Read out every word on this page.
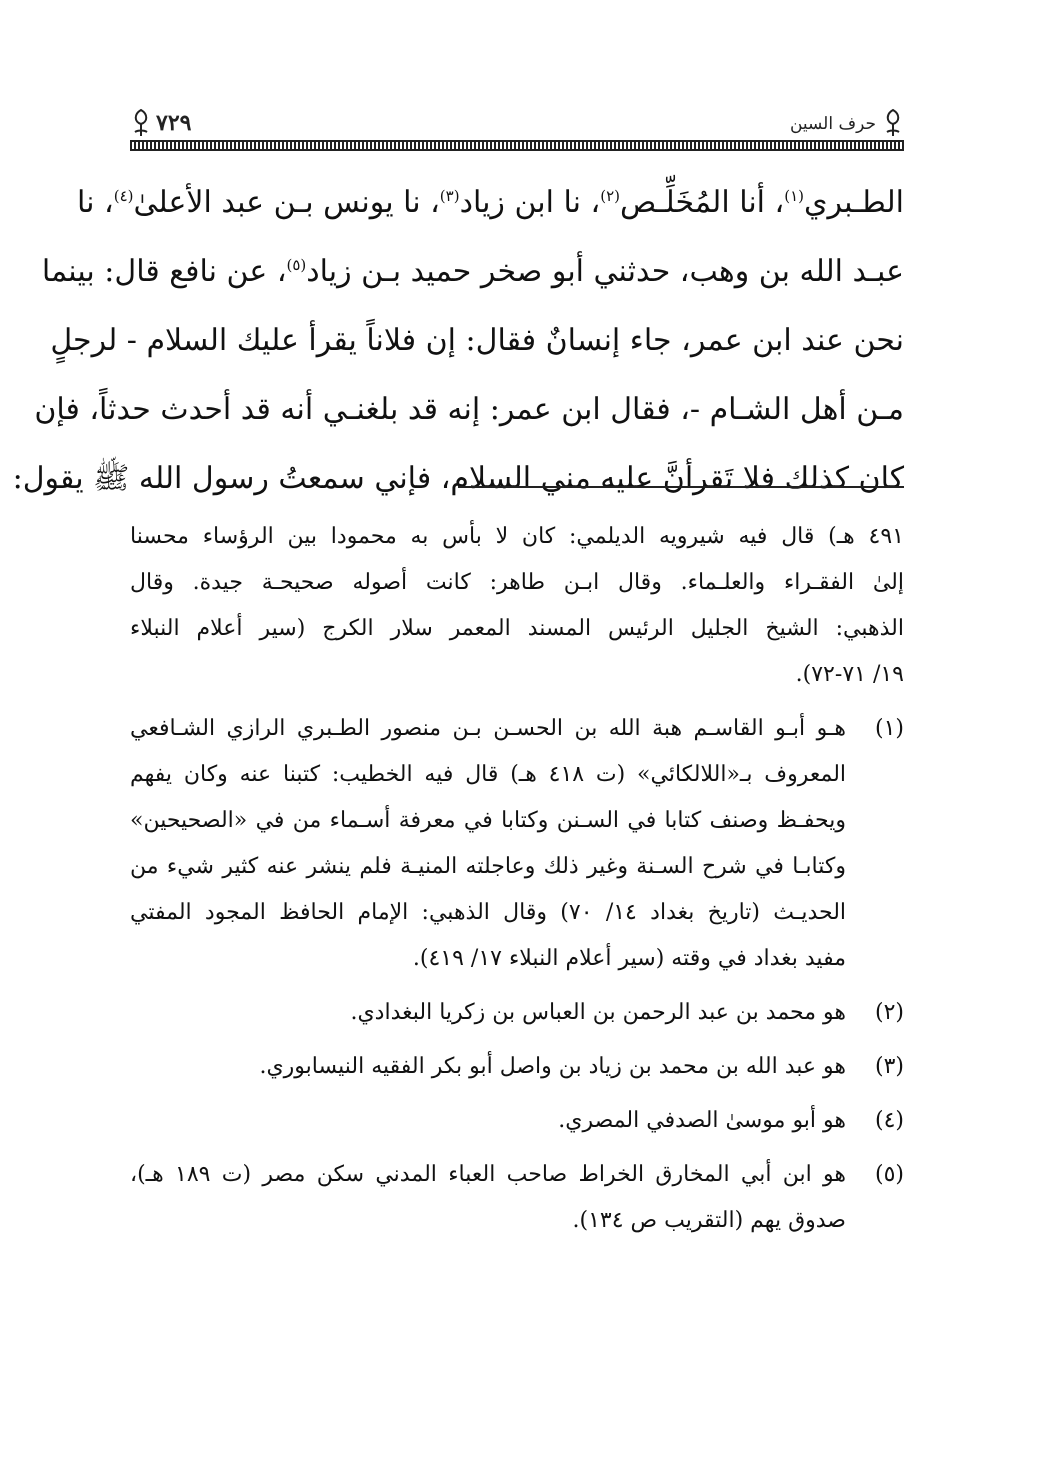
حرف السين
٧٢٩

الطـبري$^{(١)}$، أنا المُخَلِّـص$^{(٢)}$، نا ابن زياد$^{(٣)}$، نا يونس بـن عبد الأعلىٰ$^{(٤)}$، نا

عبـد الله بن وهب، حدثني أبو صخر حميد بـن زياد$^{(٥)}$، عن نافع قال: بينما

نحن عند ابن عمر، جاء إنسانٌ فقال: إن فلاناً يقرأ عليك السلام - لرجلٍ

مـن أهل الشـام -، فقال ابن عمر: إنه قد بلغنـي أنه قد أحدث حدثاً، فإن

كان كذلك فلا تَقرأنَّ عليه مني السلام، فإني سمعتُ رسول الله ﷺ يقول:

٤٩١ هـ) قال فيه شيرويه الديلمي: كان لا بأس به محمودا بين الرؤساء محسنا
إلىٰ الفقـراء والعلـماء. وقال ابـن طاهر: كانت أصوله صحيحـة جيدة. وقال
الذهبي: الشيخ الجليل الرئيس المسند المعمر سلار الكرج (سير أعلام النبلاء
١٩/ ٧١-٧٢).
(١)
هـو أبـو القاسـم هبة الله بن الحسـن بـن منصور الطـبري الرازي الشـافعي
المعروف بـ«اللالكائي» (ت ٤١٨ هـ) قال فيه الخطيب: كتبنا عنه وكان يفهم
ويحفـظ وصنف كتابا في السـنن وكتابا في معرفة أسـماء من في «الصحيحين»
وكتابـا في شرح السـنة وغير ذلك وعاجلته المنيـة فلم ينشر عنه كثير شيء من
الحديـث (تاريخ بغداد ١٤/ ٧٠) وقال الذهبي: الإمام الحافظ المجود المفتي
مفيد بغداد في وقته (سير أعلام النبلاء ١٧/ ٤١٩).
(٢)
هو محمد بن عبد الرحمن بن العباس بن زكريا البغدادي.
(٣)
هو عبد الله بن محمد بن زياد بن واصل أبو بكر الفقيه النيسابوري.
(٤)
هو أبو موسىٰ الصدفي المصري.
(٥)
هو ابن أبي المخارق الخراط صاحب العباء المدني سكن مصر (ت ١٨٩ هـ)،
صدوق يهم (التقريب ص ١٣٤).
